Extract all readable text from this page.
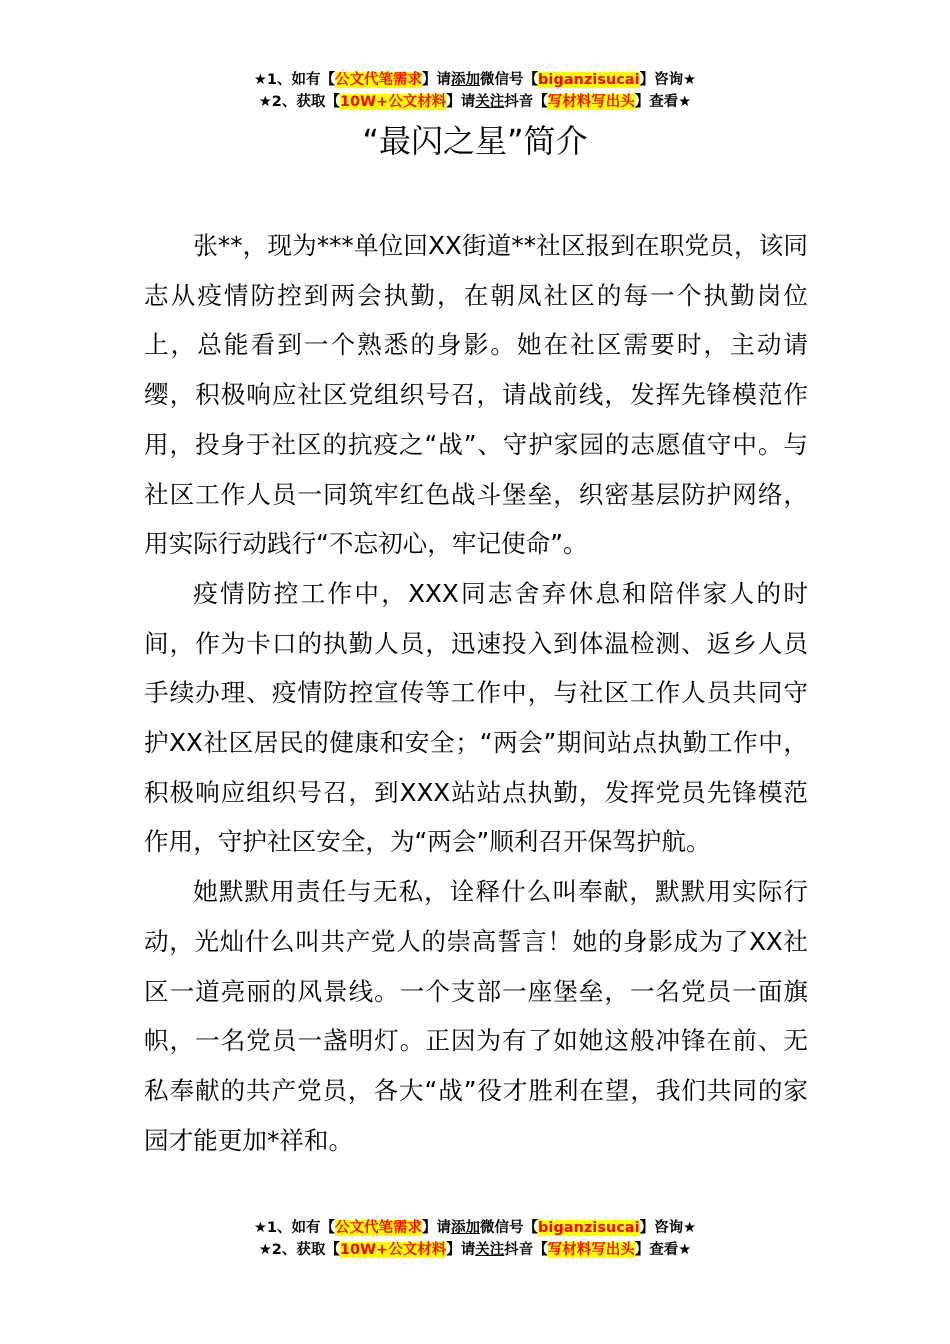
★1、如有【公文代笔需求】请添加微信号【biganzisucai】咨询★
★2、获取【10W+公文材料】请关注抖音【写材料写出头】查看★
“最闪之星”简介

张**，现为***单位回XX街道**社区报到在职党员，该同志从疫情防控到两会执勤，在朝凤社区的每一个执勤岗位上，总能看到一个熟悉的身影。她在社区需要时，主动请缨，积极响应社区党组织号召，请战前线，发挥先锋模范作用，投身于社区的抗疫之“战”、守护家园的志愿值守中。与社区工作人员一同筑牢红色战斗堡垒，织密基层防护网络，用实际行动践行“不忘初心，牢记使命”。

疫情防控工作中，XXX同志舍弃休息和陪伴家人的时间，作为卡口的执勤人员，迅速投入到体温检测、返乡人员手续办理、疫情防控宣传等工作中，与社区工作人员共同守护XX社区居民的健康和安全；“两会”期间站点执勤工作中，积极响应组织号召，到XXX站站点执勤，发挥党员先锋模范作用，守护社区安全，为“两会”顺利召开保驾护航。

她默默用责任与无私，诠释什么叫奉献，默默用实际行动，光灿什么叫共产党人的崇高誓言！她的身影成为了XX社区一道亮丽的风景线。一个支部一座堡垒，一名党员一面旗帜，一名党员一盏明灯。正因为有了如她这般冲锋在前、无私奉献的共产党员，各大“战”役才胜利在望，我们共同的家园才能更加*祥和。

★1、如有【公文代笔需求】请添加微信号【biganzisucai】咨询★
★2、获取【10W+公文材料】请关注抖音【写材料写出头】查看★
